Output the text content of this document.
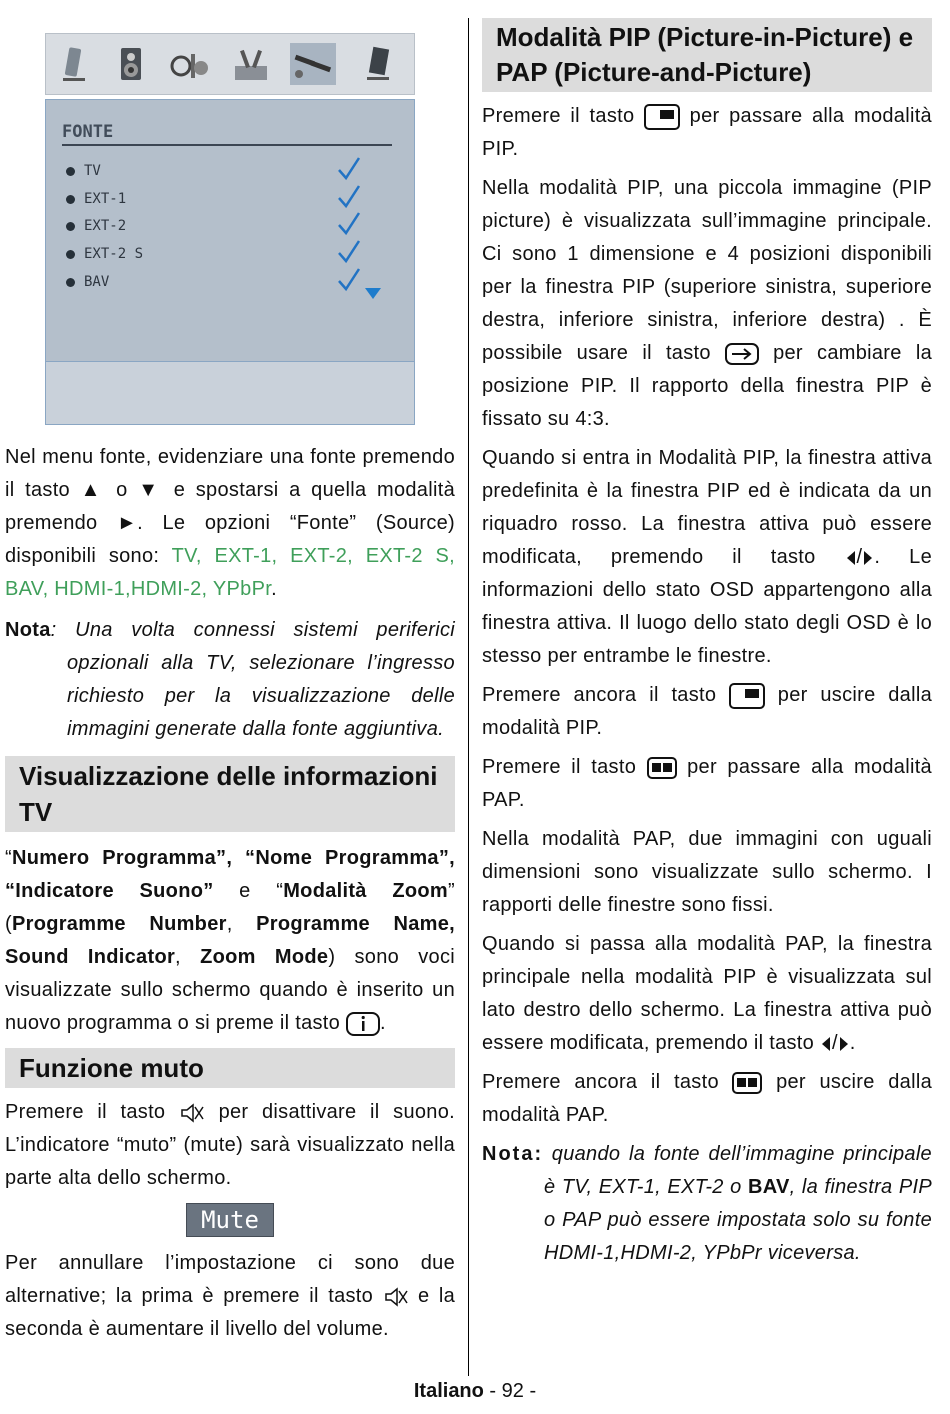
FONTE
TV
EXT-1
EXT-2
EXT-2 S
BAV

Nel menu fonte, evidenziare una fonte premendo il tasto ▲ o ▼ e spostarsi a quella modalità premendo ►. Le opzioni “Fonte” (Source) disponibili sono: TV, EXT-1, EXT-2, EXT-2 S, BAV, HDMI-1,HDMI-2, YPbPr.

Nota: Una volta connessi sistemi periferici opzionali alla TV, selezionare l’ingresso richiesto per la visualizzazione delle immagini generate dalla fonte aggiuntiva.

Visualizzazione delle informazioni TV

“Numero Programma”, “Nome Programma”, “Indicatore Suono” e “Modalità Zoom” (Programme Number, Programme Name, Sound Indicator, Zoom Mode) sono voci visualizzate sullo schermo quando è inserito un nuovo programma o si preme il tasto .

Funzione muto

Premere il tasto  per disattivare il suono. L’indicatore “muto” (mute) sarà visualizzato nella parte alta dello schermo.

Mute

Per annullare l’impostazione ci sono due alternative; la prima è premere il tasto  e la seconda è aumentare il livello del volume.

Modalità PIP (Picture-in-Picture) e PAP (Picture-and-Picture)

Premere il tasto  per passare alla modalità PIP.

Nella modalità PIP, una piccola immagine (PIP picture) è visualizzata sull’immagine principale. Ci sono 1 dimensione e 4 posizioni disponibili per la finestra PIP (superiore sinistra, superiore destra, inferiore sinistra, inferiore destra) . È possibile usare il tasto  per cambiare la posizione PIP. Il rapporto della finestra PIP è fissato su 4:3.

Quando si entra in Modalità PIP, la finestra attiva predefinita è la finestra PIP ed è indicata da un riquadro rosso. La finestra attiva può essere modificata, premendo il tasto / . Le informazioni dello stato OSD appartengono alla finestra attiva. Il luogo dello stato degli OSD è lo stesso per entrambe le finestre.

Premere ancora il tasto  per uscire dalla modalità PIP.

Premere il tasto  per passare alla modalità PAP.

Nella modalità PAP, due immagini con uguali dimensioni sono visualizzate sullo schermo. I rapporti delle finestre sono fissi.

Quando si passa alla modalità PAP, la finestra principale nella modalità PIP è visualizzata sul lato destro dello schermo. La finestra attiva può essere modificata, premendo il tasto / .

Premere ancora il tasto  per uscire dalla modalità PAP.

Nota: quando la fonte dell’immagine principale è TV, EXT-1, EXT-2 o BAV, la finestra PIP o PAP può essere impostata solo su fonte HDMI-1,HDMI-2, YPbPr viceversa.

Italiano - 92 -
